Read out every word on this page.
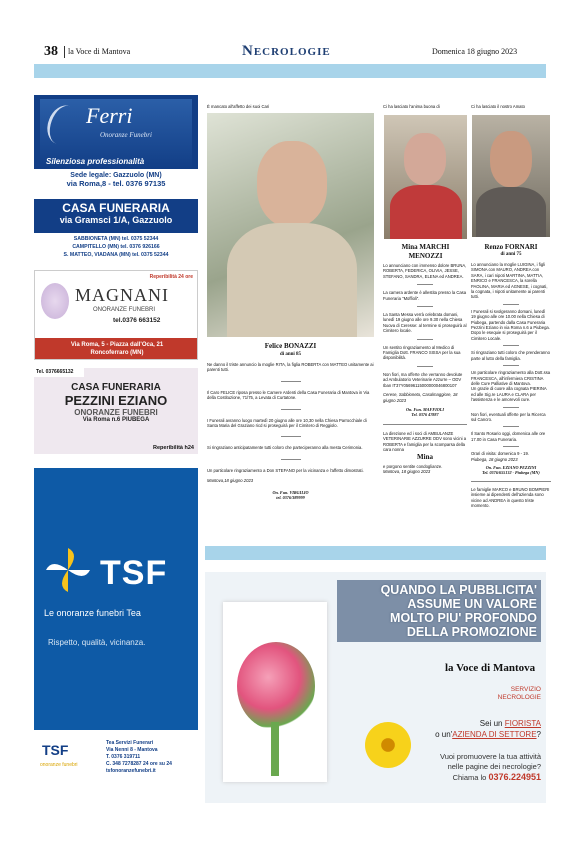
38 la Voce di Mantova	Necrologie	Domenica 18 giugno 2023
Ferri
Onoranze Funebri
Silenziosa professionalità
Sede legale: Gazzuolo (MN)
via Roma,8 - tel. 0376 97135
CASA FUNERARIA
via Gramsci 1/A, Gazzuolo
SABBIONETA (MN) tel. 0375 52344
CAMPITELLO (MN) tel. 0376 926166
S. MATTEO, VIADANA (MN) tel. 0375 52344
Reperibilità 24 ore
MAGNANI
ONORANZE FUNEBRI
tel.0376 663152
Via Roma, 5 - Piazza dall'Oca, 21
Roncoferraro (MN)
Tel. 0376665132
CASA FUNERARIA
PEZZINI EZIANO
ONORANZE FUNEBRI
Via Roma n.6 PIUBEGA
Reperibilità h24
TSF
Le onoranze funebri Tea
Rispetto, qualità, vicinanza.
TSF
onoranze funebri
Tea Servizi Funerari
Via Nenni 8 - Mantova
T. 0376 319711
C. 348 7278287 24 ore su 24
tsfonoranzefunebri.it
È mancato all'affetto dei suoi Cari
Felice BONAZZI
di anni 85

Ne danno il triste annuncio la moglie RITA, la figlia ROBERTA con MATTEO unitamente ai parenti tutti.

Il Caro FELICE riposa presso le Camere Ardenti della Casa Funeraria di Mantova in Via della Costituzione, 71/75, a Levata di Curtatone.

I Funerali avranno luogo martedì 20 giugno alle ore 10,30 nella Chiesa Parrocchiale di Santa Maria del Graziano ricd si proseguirà per il Cimitero di Reggiolo.

Si ringraziano anticipatamente tutti coloro che parteciperanno alla mesta Cerimonia.

Un particolare ringraziamento a Don STEFANO per la vicinanza e l'affetto dimostrati.

Mantova,18 giugno 2023

On. Fun. VIRGILIO

tel. 0376/389999

Ci ha lasciato l'anima buona di
Mina MARCHI
MENOZZI

Lo annunciano con immenso dolore BRUNA, ROBERTA, FEDERICA, OLIVIA, JESSE, STEFANO, SANDRA, ELENA ed ANDREA.

La camera ardente è allestita presso la Casa Funeraria "Moffioli".

La Santa Messa verrà celebrata domani, lunedì 19 giugno alle ore 9.30 nella Chiesa Nuova di Ceresse: al termine si proseguirà al Cimitero locale.

Un sentito ringraziamento al Medico di Famiglia Dott. FRANCO SISSA per la sua disponibilità.

Non fiori, ma offerte che verranno devolute ad Ambulatorio Veterinarie Azzurre – ODV Iban IT37Y05696115000000046800107

Cerese, Sabbioneta, Casalmaggiore, 18 giugno 2023

On. Fun. MAFFIOLI

Tel. 0376 47887

La direzione ed i soci di AMBULANZE VETERINARIE AZZURRE ODV sono vicini a ROBERTA e famiglia per la scomparsa della cara nonna

Mina

e porgono sentite condoglianze.

Mantova, 18 giugno 2023

Ci ha lasciato il nostro Amato
Renzo FORNARI
di anni 75

Lo annunciano la moglie LUIGINA, i figli SIMONA con MAURO, ANDREA con SARA, i cari nipoti MARTINA, MATTIA, ENRICO e FRANCESCA, la sorella PAOLINA, MARIA ed AGNESE, i cognati, la cognata, i nipoti unitamente ai parenti tutti.

I Funerali si svolgeranno domani, lunedì 19 giugno alle ore 10.00 nella Chiesa di Piubega, partendo dalla Casa Funeraria Pezzini Eziano in via Roma n.6 a Piubega. Dopo le esequie si proseguirà per il Cimitero Locale.

Si ringraziano tutti coloro che prenderanno parte al lutto della famiglia.

Un particolare ringraziamento alla Dott.ssa FRANCESCA, all'infermiera CRISTINA delle Cure Palliative di Mantova.

Un grazie di cuore alla cognata PIERINA ed alle Sig.re LAURA e CLARA per l'assistenza e le amorevoli cure.

Non fiori, eventuali offerte per la Ricerca sul Cancro.

Il Santo Rosario oggi, domenica alle ore 17.00 in Casa Funeraria.

Orari di visita: domenica 9 - 19.

Piubega, 18 giugno 2023

On. Fun. EZIANO PEZZINI

Tel. 0376/655132 - Piubega (MN)

Le famiglie MARCO e BRUNO BOMPIERI insieme ai dipendenti dell'azienda sono vicine ad ANDREA in questo triste momento.

QUANDO LA PUBBLICITA'
ASSUME UN VALORE
MOLTO PIU' PROFONDO
DELLA PROMOZIONE
la Voce di Mantova
SERVIZIO
NECROLOGIE
Sei un FIORISTA
o un'AZIENDA DI SETTORE?
Vuoi promuovere la tua attività
nelle pagine dei necrologie?
Chiama lo 0376.224951
